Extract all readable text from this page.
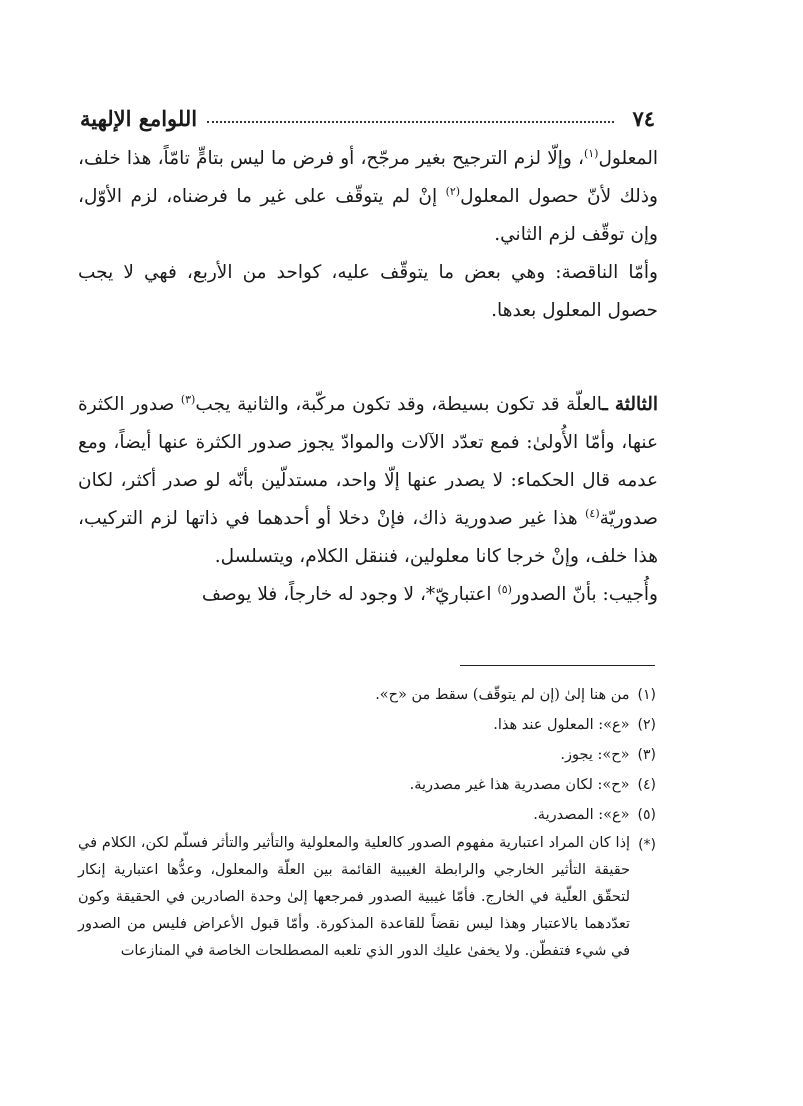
٧٤
اللوامع الإلهية

المعلول$^{(١)}$، وإلّا لزم الترجيح بغير مرجّح، أو فرض ما ليس بتامٍّ تامّاً، هذا خلف، وذلك لأنّ حصول المعلول$^{(٢)}$ إنْ لم يتوقّف على غير ما فرضناه، لزم الأوّل، وإن توقّف لزم الثاني.

وأمّا الناقصة: وهي بعض ما يتوقّف عليه، كواحد من الأربع، فهي لا يجب حصول المعلول بعدها.

الثالثة ـالعلّة قد تكون بسيطة، وقد تكون مركّبة، والثانية يجب$^{(٣)}$ صدور الكثرة عنها، وأمّا الأُولىٰ: فمع تعدّد الآلات والموادّ يجوز صدور الكثرة عنها أيضاً، ومع عدمه قال الحكماء: لا يصدر عنها إلّا واحد، مستدلّين بأنّه لو صدر أكثر، لكان صدوريّة$^{(٤)}$ هذا غير صدورية ذاك، فإنْ دخلا أو أحدهما في ذاتها لزم التركيب، هذا خلف، وإنْ خرجا كانا معلولين، فننقل الكلام، ويتسلسل.

وأُجيب: بأنّ الصدور$^{(٥)}$ اعتباريّ*، لا وجود له خارجاً، فلا يوصف

(١)
من هنا إلىٰ (إن لم يتوقّف) سقط من «ح».
(٢)
«ع»: المعلول عند هذا.
(٣)
«ح»: يجوز.
(٤)
«ح»: لكان مصدرية هذا غير مصدرية.
(٥)
«ع»: المصدرية.
(*)
إذا كان المراد اعتبارية مفهوم الصدور كالعلية والمعلولية والتأثير والتأثر فسلّم لكن، الكلام في حقيقة التأثير الخارجي والرابطة الغيبية القائمة بين العلّة والمعلول، وعدُّها اعتبارية إنكار لتحقّق العلّية في الخارج. فأمّا غيبية الصدور فمرجعها إلىٰ وحدة الصادرين في الحقيقة وكون تعدّدهما بالاعتبار وهذا ليس نقضاً للقاعدة المذكورة. وأمّا قبول الأعراض فليس من الصدور في شيء فتفطّن. ولا يخفىٰ عليك الدور الذي تلعبه المصطلحات الخاصة في المنازعات
